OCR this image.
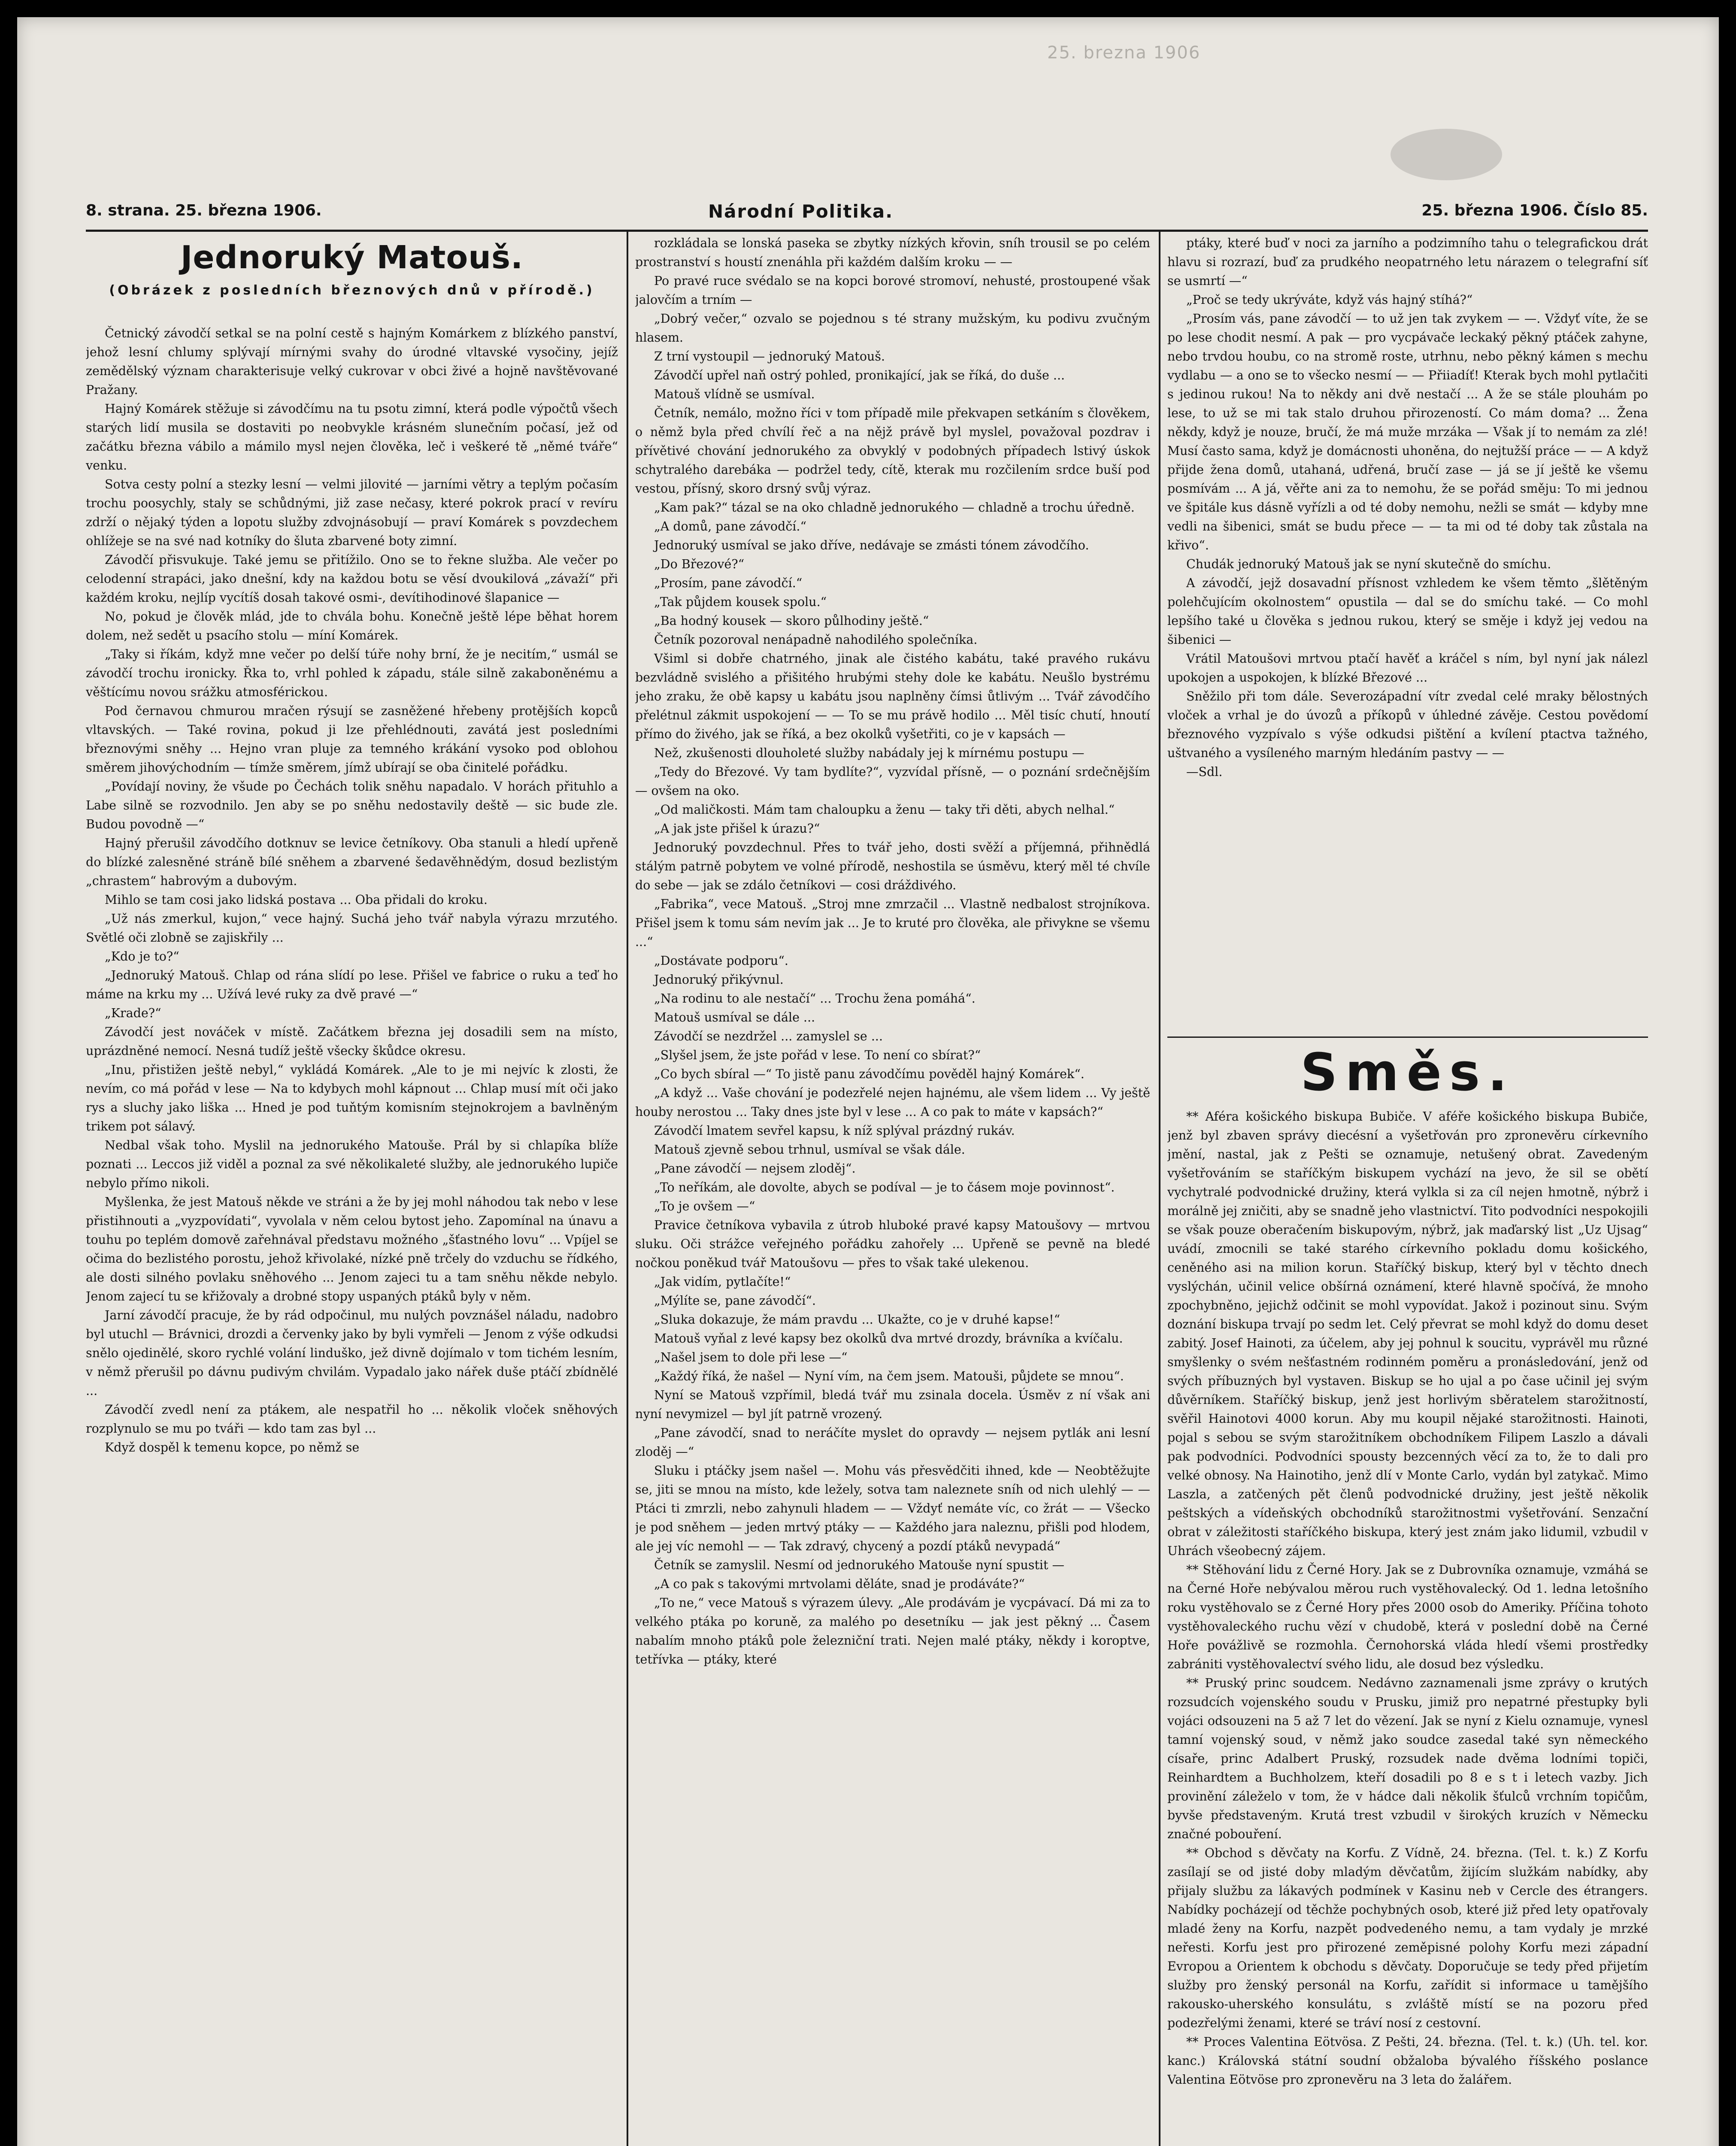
25. brezna 1906
8. strana. 25. března 1906.	Národní Politika.	25. března 1906. Číslo 85.
Jednoruký Matouš.
(Obrázek z posledních březnových dnů v přírodě.)

Četnický závodčí setkal se na polní cestě s hajným Komárkem z blízkého panství, jehož lesní chlumy splývají mírnými svahy do úrodné vltavské vysočiny, jejíž zemědělský význam charakterisuje velký cukrovar v obci živé a hojně navštěvované Pražany.

Hajný Komárek stěžuje si závodčímu na tu psotu zimní, která podle výpočtů všech starých lidí musila se dostaviti po neobvykle krásném slunečním počasí, jež od začátku března vábilo a mámilo mysl nejen člověka, leč i veškeré tě „němé tváře“ venku.

Sotva cesty polní a stezky lesní — velmi jilovité — jarními větry a teplým počasím trochu poosychly, staly se schůdnými, již zase nečasy, které pokrok prací v revíru zdrží o nějaký týden a lopotu služby zdvojnásobují — praví Komárek s povzdechem ohlížeje se na své nad kotníky do šluta zbarvené boty zimní.

Závodčí přisvukuje. Také jemu se přitížilo. Ono se to řekne služba. Ale večer po celodenní strapáci, jako dnešní, kdy na každou botu se věsí dvoukilová „závaží“ při každém kroku, nejlíp vycítíš dosah takové osmi-, devítihodinové šlapanice —

No, pokud je člověk mlád, jde to chvála bohu. Konečně ještě lépe běhat horem dolem, než sedět u psacího stolu — míní Komárek.

„Taky si říkám, když mne večer po delší túře nohy brní, že je necitím,“ usmál se závodčí trochu ironicky. Řka to, vrhl pohled k západu, stále silně zakaboněnému a věštícímu novou srážku atmosférickou.

Pod černavou chmurou mračen rýsují se zasněžené hřebeny protějších kopců vltavských. — Také rovina, pokud ji lze přehlédnouti, zavátá jest posledními březnovými sněhy ... Hejno vran pluje za temného krákání vysoko pod oblohou směrem jihovýchodním — tímže směrem, jímž ubírají se oba činitelé pořádku.

„Povídají noviny, že všude po Čechách tolik sněhu napadalo. V horách přituhlo a Labe silně se rozvodnilo. Jen aby se po sněhu nedostavily deště — sic bude zle. Budou povodně —“

Hajný přerušil závodčího dotknuv se levice četníkovy. Oba stanuli a hledí upřeně do blízké zalesněné stráně bílé sněhem a zbarvené šedavěhnědým, dosud bezlistým „chrastem“ habrovým a dubovým.

Mihlo se tam cosi jako lidská postava ... Oba přidali do kroku.

„Už nás zmerkul, kujon,“ vece hajný. Suchá jeho tvář nabyla výrazu mrzutého. Světlé oči zlobně se zajiskřily ...

„Kdo je to?“

„Jednoruký Matouš. Chlap od rána slídí po lese. Přišel ve fabrice o ruku a teď ho máme na krku my ... Užívá levé ruky za dvě pravé —“

„Krade?“

Závodčí jest nováček v místě. Začátkem března jej dosadili sem na místo, uprázdněné nemocí. Nesná tudíž ještě všecky škůdce okresu.

„Inu, přistižen ještě nebyl,“ vykládá Komárek. „Ale to je mi nejvíc k zlosti, že nevím, co má pořád v lese — Na to kdybych mohl kápnout ... Chlap musí mít oči jako rys a sluchy jako liška ... Hned je pod tuňtým komisním stejnokrojem a bavlněným trikem pot sálavý.

Nedbal však toho. Myslil na jednorukého Matouše. Prál by si chlapíka blíže poznati ... Leccos již viděl a poznal za své několikaleté služby, ale jednorukého lupiče nebylo přímo nikoli.

Myšlenka, že jest Matouš někde ve stráni a že by jej mohl náhodou tak nebo v lese přistihnouti a „vyzpovídati“, vyvolala v něm celou bytost jeho. Zapomínal na únavu a touhu po teplém domově zařehnával představu možného „šťastného lovu“ ... Vpíjel se očima do bezlistého porostu, jehož křivolaké, nízké pně trčely do vzduchu se řídkého, ale dosti silného povlaku sněhového ... Jenom zajeci tu a tam sněhu někde nebylo. Jenom zajecí tu se křižovaly a drobné stopy uspaných ptáků byly v něm.

Jarní závodčí pracuje, že by rád odpočinul, mu nulých povznášel náladu, nadobro byl utuchl — Brávnici, drozdi a červenky jako by byli vymřeli — Jenom z výše odkudsi snělo ojedinělé, skoro rychlé volání linduško, jež divně dojímalo v tom tichém lesním, v němž přerušil po dávnu pudivým chvilám. Vypadalo jako nářek duše ptáčí zbídnělé ...

Závodčí zvedl není za ptákem, ale nespatřil ho ... několik vloček sněhových rozplynulo se mu po tváři — kdo tam zas byl ...

Když dospěl k temenu kopce, po němž se

rozkládala se lonská paseka se zbytky nízkých křovin, sníh trousil se po celém prostranství s houstí znenáhla při každém dalším kroku — —

Po pravé ruce svédalo se na kopci borové stromoví, nehusté, prostoupené však jalovčím a trním —

„Dobrý večer,“ ozvalo se pojednou s té strany mužským, ku podivu zvučným hlasem.

Z trní vystoupil — jednoruký Matouš.

Závodčí upřel naň ostrý pohled, pronikající, jak se říká, do duše ...

Matouš vlídně se usmíval.

Četník, nemálo, možno říci v tom případě mile překvapen setkáním s člověkem, o němž byla před chvílí řeč a na nějž právě byl myslel, považoval pozdrav i přívětivé chování jednorukého za obvyklý v podobných případech lstivý úskok schytralého darebáka — podržel tedy, cítě, kterak mu rozčilením srdce buší pod vestou, přísný, skoro drsný svůj výraz.

„Kam pak?“ tázal se na oko chladně jednorukého — chladně a trochu úředně.

„A domů, pane závodčí.“

Jednoruký usmíval se jako dříve, nedávaje se zmásti tónem závodčího.

„Do Březové?“

„Prosím, pane závodčí.“

„Tak půjdem kousek spolu.“

„Ba hodný kousek — skoro půlhodiny ještě.“

Četník pozoroval nenápadně nahodilého společníka.

Všiml si dobře chatrného, jinak ale čistého kabátu, také pravého rukávu bezvládně svislého a přišitého hrubými stehy dole ke kabátu. Neušlo bystrému jeho zraku, že obě kapsy u kabátu jsou naplněny čímsi ůtlivým ... Tvář závodčího přelétnul zákmit uspokojení — — To se mu právě hodilo ... Měl tisíc chutí, hnoutí přímo do živého, jak se říká, a bez okolků vyšetřiti, co je v kapsách —

Než, zkušenosti dlouholeté služby nabádaly jej k mírnému postupu —

„Tedy do Březové. Vy tam bydlíte?“, vyzvídal přísně, — o poznání srdečnějším — ovšem na oko.

„Od maličkosti. Mám tam chaloupku a ženu — taky tři děti, abych nelhal.“

„A jak jste přišel k úrazu?“

Jednoruký povzdechnul. Přes to tvář jeho, dosti svěží a příjemná, přihnědlá stálým patrně pobytem ve volné přírodě, neshostila se úsměvu, který měl té chvíle do sebe — jak se zdálo četníkovi — cosi dráždivého.

„Fabrika“, vece Matouš. „Stroj mne zmrzačil ... Vlastně nedbalost strojníkova. Přišel jsem k tomu sám nevím jak ... Je to kruté pro člověka, ale přivykne se všemu ...“

„Dostávate podporu“.

Jednoruký přikývnul.

„Na rodinu to ale nestačí“ ... Trochu žena pomáhá“.

Matouš usmíval se dále ...

Závodčí se nezdržel ... zamyslel se ...

„Slyšel jsem, že jste pořád v lese. To není co sbírat?“

„Co bych sbíral —“ To jistě panu závodčímu pověděl hajný Komárek“.

„A když ... Vaše chování je podezřelé nejen hajnému, ale všem lidem ... Vy ještě houby nerostou ... Taky dnes jste byl v lese ... A co pak to máte v kapsách?“

Závodčí lmatem sevřel kapsu, k níž splýval prázdný rukáv.

Matouš zjevně sebou trhnul, usmíval se však dále.

„Pane závodčí — nejsem zloděj“.

„To neříkám, ale dovolte, abych se podíval — je to čásem moje povinnost“.

„To je ovšem —“

Pravice četníkova vybavila z útrob hluboké pravé kapsy Matoušovy — mrtvou sluku. Oči strážce veřejného pořádku zahořely ... Upřeně se pevně na bledé nočkou poněkud tvář Matoušovu — přes to však také ulekenou.

„Jak vidím, pytlačíte!“

„Mýlíte se, pane závodčí“.

„Sluka dokazuje, že mám pravdu ... Ukažte, co je v druhé kapse!“

Matouš vyňal z levé kapsy bez okolků dva mrtvé drozdy, brávníka a kvíčalu.

„Našel jsem to dole při lese —“

„Každý říká, že našel — Nyní vím, na čem jsem. Matouši, půjdete se mnou“.

Nyní se Matouš vzpřímil, bledá tvář mu zsinala docela. Úsměv z ní však ani nyní nevymizel — byl jít patrně vrozený.

„Pane závodčí, snad to neráčíte myslet do opravdy — nejsem pytlák ani lesní zloděj —“

Sluku i ptáčky jsem našel —. Mohu vás přesvědčiti ihned, kde — Neobtěžujte se, jiti se mnou na místo, kde ležely, sotva tam naleznete sníh od nich ulehlý — — Ptáci ti zmrzli, nebo zahynuli hladem — — Vždyť nemáte víc, co žrát — — Všecko je pod sněhem — jeden mrtvý ptáky — — Každého jara naleznu, přišli pod hlodem, ale jej víc nemohl — — Tak zdravý, chycený a pozdí ptáků nevypadá“

Četník se zamyslil. Nesmí od jednorukého Matouše nyní spustit —

„A co pak s takovými mrtvolami děláte, snad je prodáváte?“

„To ne,“ vece Matouš s výrazem úlevy. „Ale prodávám je vycpávací. Dá mi za to velkého ptáka po koruně, za malého po desetníku — jak jest pěkný ... Časem nabalím mnoho ptáků pole železniční trati. Nejen malé ptáky, někdy i koroptve, tetřívka — ptáky, které

ptáky, které buď v noci za jarního a podzimního tahu o telegrafickou drát hlavu si rozrazí, buď za prudkého neopatrného letu nárazem o telegrafní síť se usmrtí —“

„Proč se tedy ukrýváte, když vás hajný stíhá?“

„Prosím vás, pane závodčí — to už jen tak zvykem — —. Vždyť víte, že se po lese chodit nesmí. A pak — pro vycpávače leckaký pěkný ptáček zahyne, nebo trvdou houbu, co na stromě roste, utrhnu, nebo pěkný kámen s mechu vydlabu — a ono se to všecko nesmí — — Přiiadíť! Kterak bych mohl pytlačiti s jedinou rukou! Na to někdy ani dvě nestačí ... A že se stále plouhám po lese, to už se mi tak stalo druhou přirozeností. Co mám doma? ... Žena někdy, když je nouze, bručí, že má muže mrzáka — Však jí to nemám za zlé! Musí často sama, když je domácnosti uhoněna, do nejtužší práce — — A když přijde žena domů, utahaná, udřená, bručí zase — já se jí ještě ke všemu posmívám ... A já, věřte ani za to nemohu, že se pořád směju: To mi jednou ve špitále kus dásně vyřízli a od té doby nemohu, nežli se smát — kdyby mne vedli na šibenici, smát se budu přece — — ta mi od té doby tak zůstala na křivo“.

Chudák jednoruký Matouš jak se nyní skutečně do smíchu.

A závodčí, jejž dosavadní přísnost vzhledem ke všem těmto „šlětěným polehčujícím okolnostem“ opustila — dal se do smíchu také. — Co mohl lepšího také u člověka s jednou rukou, který se směje i když jej vedou na šibenici —

Vrátil Matoušovi mrtvou ptačí havěť a kráčel s ním, byl nyní jak nálezl upokojen a uspokojen, k blízké Březové ...

Sněžilo při tom dále. Severozápadní vítr zvedal celé mraky bělostných vloček a vrhal je do úvozů a příkopů v úhledné závěje. Cestou povědomí březnového vyzpívalo s výše odkudsi pištění a kvílení ptactva tažného, uštvaného a vysíleného marným hledáním pastvy — —

—Sdl.

Směs.

** Aféra košického biskupa Bubiče. V aféře košického biskupa Bubiče, jenž byl zbaven správy diecésní a vyšetřován pro zpronevěru církevního jmění, nastal, jak z Pešti se oznamuje, netušený obrat. Zavedeným vyšetřováním se staříčkým biskupem vychází na jevo, že sil se obětí vychytralé podvodnické družiny, která vylkla si za cíl nejen hmotně, nýbrž i morálně jej zničiti, aby se snadně jeho vlastnictví. Tito podvodníci nespokojili se však pouze oberačením biskupovým, nýbrž, jak maďarský list „Uz Ujsag“ uvádí, zmocnili se také starého církevního pokladu domu košického, ceněného asi na milion korun. Staříčký biskup, který byl v těchto dnech vyslýchán, učinil velice obšírná oznámení, které hlavně spočívá, že mnoho zpochybněno, jejichž odčinit se mohl vypovídat. Jakož i pozinout sinu. Svým doznání biskupa trvají po sedm let. Celý převrat se mohl když do domu deset zabitý. Josef Hainoti, za účelem, aby jej pohnul k soucitu, vyprávěl mu různé smyšlenky o svém nešťastném rodinném poměru a pronásledování, jenž od svých příbuzných byl vystaven. Biskup se ho ujal a po čase učinil jej svým důvěrníkem. Staříčký biskup, jenž jest horlivým sběratelem starožitností, svěřil Hainotovi 4000 korun. Aby mu koupil nějaké starožitnosti. Hainoti, pojal s sebou se svým starožitníkem obchodníkem Filipem Laszlo a dávali pak podvodníci. Podvodníci spousty bezcenných věcí za to, že to dali pro velké obnosy. Na Hainotiho, jenž dlí v Monte Carlo, vydán byl zatykač. Mimo Laszla, a zatčených pět členů podvodnické družiny, jest ještě několik peštských a vídeňských obchodníků starožitnostmi vyšetřování. Senzační obrat v záležitosti staříčkého biskupa, který jest znám jako lidumil, vzbudil v Uhrách všeobecný zájem.

** Stěhování lidu z Černé Hory. Jak se z Dubrovníka oznamuje, vzmáhá se na Černé Hoře nebývalou měrou ruch vystěhovalecký. Od 1. ledna letošního roku vystěhovalo se z Černé Hory přes 2000 osob do Ameriky. Příčina tohoto vystěhovaleckého ruchu vězí v chudobě, která v poslední době na Černé Hoře povážlivě se rozmohla. Černohorská vláda hledí všemi prostředky zabrániti vystěhovalectví svého lidu, ale dosud bez výsledku.

** Pruský princ soudcem. Nedávno zaznamenali jsme zprávy o krutých rozsudcích vojenského soudu v Prusku, jimiž pro nepatrné přestupky byli vojáci odsouzeni na 5 až 7 let do vězení. Jak se nyní z Kielu oznamuje, vynesl tamní vojenský soud, v němž jako soudce zasedal také syn německého císaře, princ Adalbert Pruský, rozsudek nade dvěma lodními topiči, Reinhardtem a Buchholzem, kteří dosadili po 8 e s t i letech vazby. Jich provinění záleželo v tom, že v hádce dali několik šťulců vrchním topičům, byvše představeným. Krutá trest vzbudil v širokých kruzích v Německu značné pobouření.

** Obchod s děvčaty na Korfu. Z Vídně, 24. března. (Tel. t. k.) Z Korfu zasílají se od jisté doby mladým děvčatům, žijícím služkám nabídky, aby přijaly službu za lákavých podmínek v Kasinu neb v Cercle des étrangers. Nabídky pocházejí od těchže pochybných osob, které již před lety opatřovaly mladé ženy na Korfu, nazpět podvedeného nemu, a tam vydaly je mrzké neřesti. Korfu jest pro přirozené zeměpisné polohy Korfu mezi západní Evropou a Orientem k obchodu s děvčaty. Doporučuje se tedy před přijetím služby pro ženský personál na Korfu, zařídit si informace u tamějšího rakousko-uherského konsulátu, s zvláště místí se na pozoru před podezřelými ženami, které se tráví nosí z cestovní.

** Proces Valentina Eötvösa. Z Pešti, 24. března. (Tel. t. k.) (Uh. tel. kor. kanc.) Královská státní soudní obžaloba bývalého říšského poslance Valentina Eötvöse pro zpronevěru na 3 leta do žalářem.
